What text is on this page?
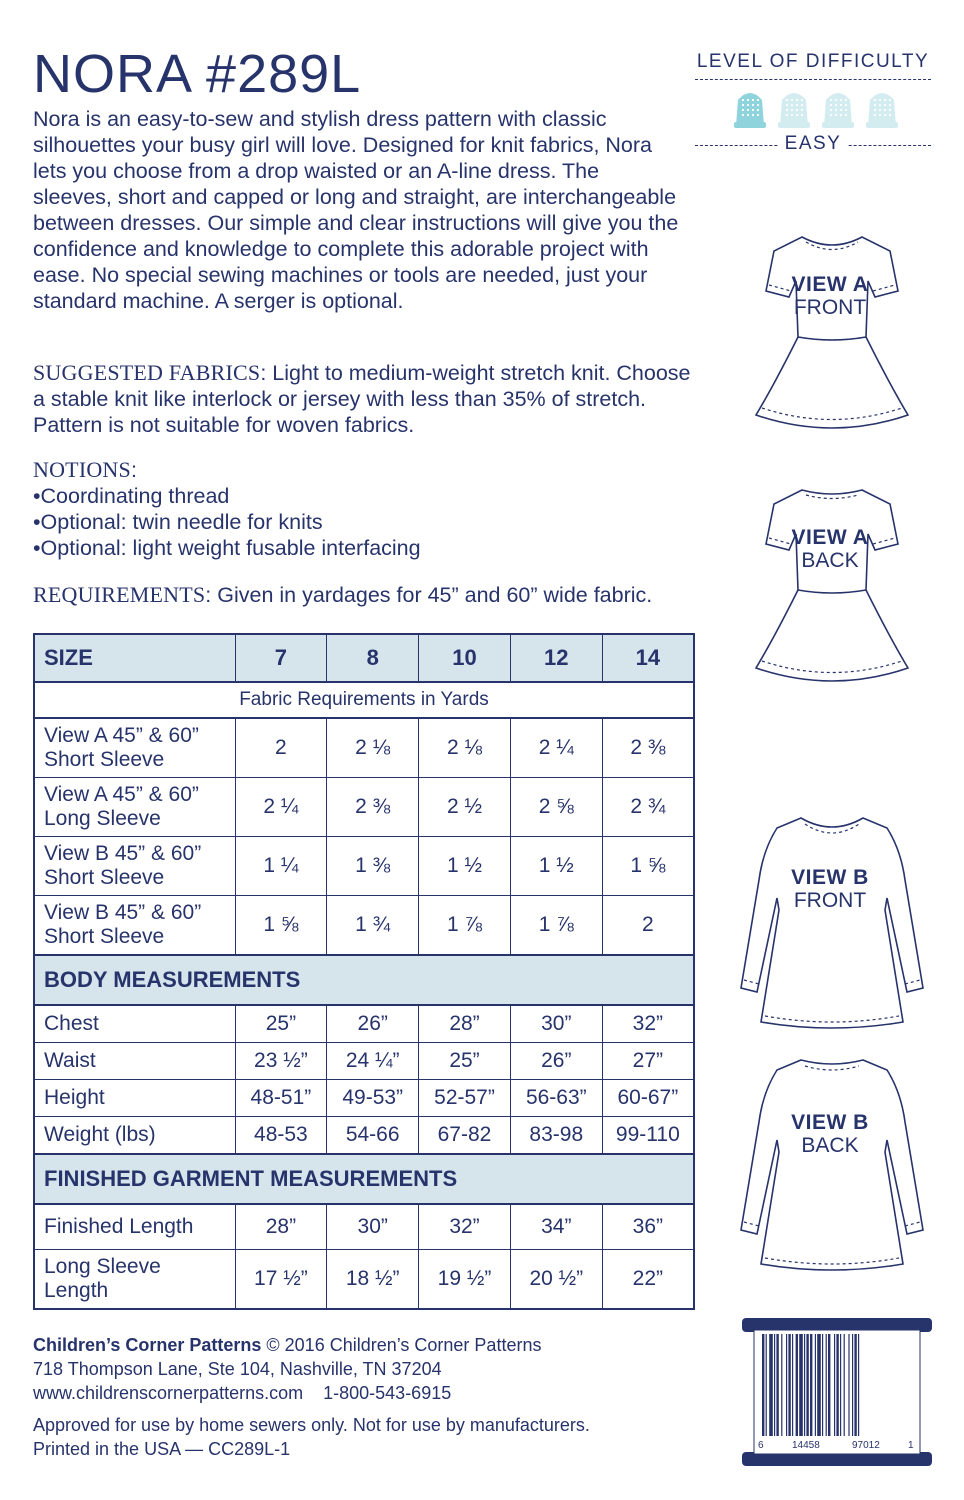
NORA #289L
Nora is an easy-to-sew and stylish dress pattern with classic silhouettes your busy girl will love. Designed for knit fabrics, Nora lets you choose from a drop waisted or an A-line dress. The sleeves, short and capped or long and straight, are interchangeable between dresses. Our simple and clear instructions will give you the confidence and knowledge to complete this adorable project with ease. No special sewing machines or tools are needed, just your standard machine. A serger is optional.
SUGGESTED FABRICS: Light to medium-weight stretch knit. Choose a stable knit like interlock or jersey with less than 35% of stretch. Pattern is not suitable for woven fabrics.
NOTIONS:
• Coordinating thread
• Optional: twin needle for knits
• Optional: light weight fusable interfacing
REQUIREMENTS: Given in yardages for 45” and 60” wide fabric.
SIZE	7	8	10	12	14
Fabric Requirements in Yards					
View A 45” & 60”
Short Sleeve	2	2 ⅛	2 ⅛	2 ¼	2 ⅜
View A 45” & 60”
Long Sleeve	2 ¼	2 ⅜	2 ½	2 ⅝	2 ¾
View B 45” & 60”
Short Sleeve	1 ¼	1 ⅜	1 ½	1 ½	1 ⅝
View B 45” & 60”
Short Sleeve	1 ⅝	1 ¾	1 ⅞	1 ⅞	2
BODY MEASUREMENTS					
Chest	25”	26”	28”	30”	32”
Waist	23 ½”	24 ¼”	25”	26”	27”
Height	48-51”	49-53”	52-57”	56-63”	60-67”
Weight (lbs)	48-53	54-66	67-82	83-98	99-110
FINISHED GARMENT MEASUREMENTS					
Finished Length	28”	30”	32”	34”	36”
Long Sleeve
Length	17 ½”	18 ½”	19 ½”	20 ½”	22”
Children’s Corner Patterns © 2016 Children’s Corner Patterns
718 Thompson Lane, Ste 104, Nashville, TN 37204
www.childrenscornerpatterns.com 1-800-543-6915
Approved for use by home sewers only. Not for use by manufacturers.
Printed in the USA — CC289L-1
LEVEL OF DIFFICULTY
EASY
VIEW A
FRONT
VIEW A
BACK
VIEW B
FRONT
VIEW B
BACK
6	14458	97012	1
